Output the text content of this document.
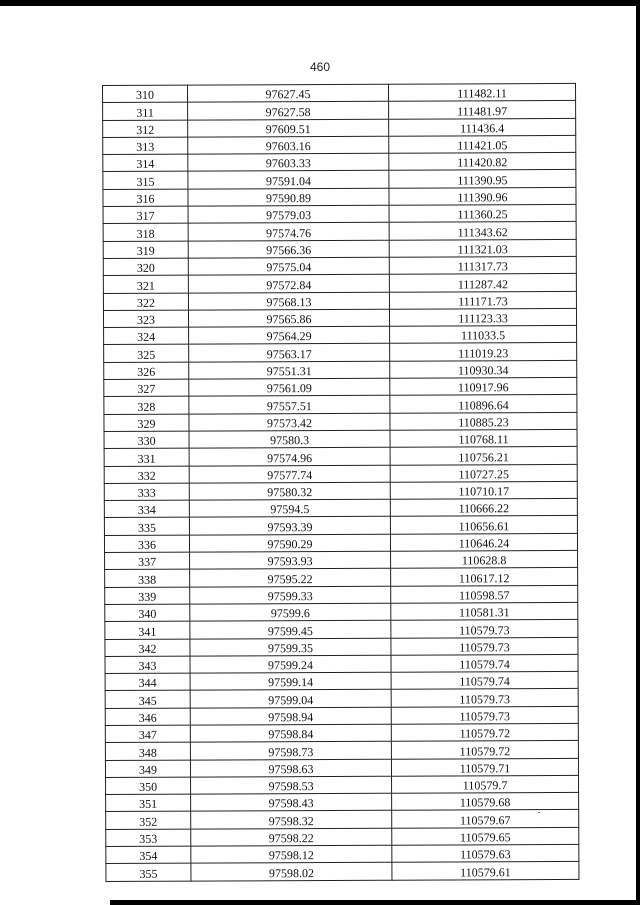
460
310	97627.45	111482.11
311	97627.58	111481.97
312	97609.51	111436.4
313	97603.16	111421.05
314	97603.33	111420.82
315	97591.04	111390.95
316	97590.89	111390.96
317	97579.03	111360.25
318	97574.76	111343.62
319	97566.36	111321.03
320	97575.04	111317.73
321	97572.84	111287.42
322	97568.13	111171.73
323	97565.86	111123.33
324	97564.29	111033.5
325	97563.17	111019.23
326	97551.31	110930.34
327	97561.09	110917.96
328	97557.51	110896.64
329	97573.42	110885.23
330	97580.3	110768.11
331	97574.96	110756.21
332	97577.74	110727.25
333	97580.32	110710.17
334	97594.5	110666.22
335	97593.39	110656.61
336	97590.29	110646.24
337	97593.93	110628.8
338	97595.22	110617.12
339	97599.33	110598.57
340	97599.6	110581.31
341	97599.45	110579.73
342	97599.35	110579.73
343	97599.24	110579.74
344	97599.14	110579.74
345	97599.04	110579.73
346	97598.94	110579.73
347	97598.84	110579.72
348	97598.73	110579.72
349	97598.63	110579.71
350	97598.53	110579.7
351	97598.43	110579.68
352	97598.32	110579.67
353	97598.22	110579.65
354	97598.12	110579.63
355	97598.02	110579.61
